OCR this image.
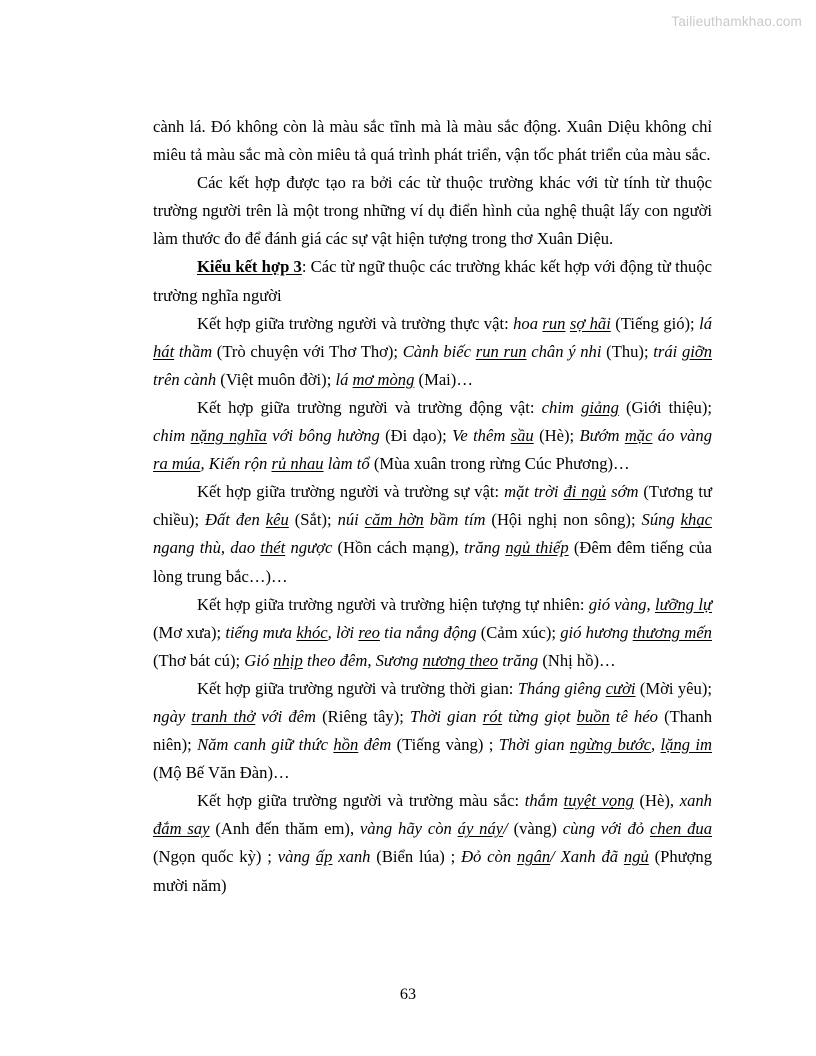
Tailieuthamkhao.com

cành lá. Đó không còn là màu sắc tĩnh mà là màu sắc động. Xuân Diệu không chỉ miêu tả màu sắc mà còn miêu tả quá trình phát triển, vận tốc phát triển của màu sắc.

Các kết hợp được tạo ra bởi các từ thuộc trường khác với từ tính từ thuộc trường người trên là một trong những ví dụ điển hình của nghệ thuật lấy con người làm thước đo để đánh giá các sự vật hiện tượng trong thơ Xuân Diệu.

Kiểu kết hợp 3: Các từ ngữ thuộc các trường khác kết hợp với động từ thuộc trường nghĩa người

Kết hợp giữa trường người và trường thực vật: hoa run sợ hãi (Tiếng gió); lá hát thầm (Trò chuyện với Thơ Thơ); Cành biếc run run chân ý nhi (Thu); trái giỡn trên cành (Việt muôn đời); lá mơ mòng (Mai)…

Kết hợp giữa trường người và trường động vật: chim giảng (Giới thiệu); chim nặng nghĩa với bông hường (Đi dạo); Ve thêm sầu (Hè); Bướm mặc áo vàng ra múa, Kiến rộn rủ nhau làm tổ (Mùa xuân trong rừng Cúc Phương)…

Kết hợp giữa trường người và trường sự vật: mặt trời đi ngủ sớm (Tương tư chiều); Đất đen kêu (Sắt); núi căm hờn bầm tím (Hội nghị non sông); Súng khạc ngang thù, dao thét ngược (Hồn cách mạng), trăng ngủ thiếp (Đêm đêm tiếng của lòng trung bắc…)…

Kết hợp giữa trường người và trường hiện tượng tự nhiên: gió vàng, lưỡng lự (Mơ xưa); tiếng mưa khóc, lời reo tia nắng động (Cảm xúc); gió hương thương mến (Thơ bát cú); Gió nhịp theo đêm, Sương nương theo trăng (Nhị hồ)…

Kết hợp giữa trường người và trường thời gian: Tháng giêng cười (Mời yêu); ngày tranh thở với đêm (Riêng tây); Thời gian rót từng giọt buồn tê héo (Thanh niên); Năm canh giữ thức hồn đêm (Tiếng vàng) ; Thời gian ngừng bước, lặng im (Mộ Bế Văn Đàn)…

Kết hợp giữa trường người và trường màu sắc: thắm tuyệt vọng (Hè), xanh đắm say (Anh đến thăm em), vàng hãy còn áy náy/ (vàng) cùng với đỏ chen đua (Ngọn quốc kỳ) ; vàng ấp xanh (Biển lúa) ; Đỏ còn ngân/ Xanh đã ngủ (Phượng mười năm)

63
